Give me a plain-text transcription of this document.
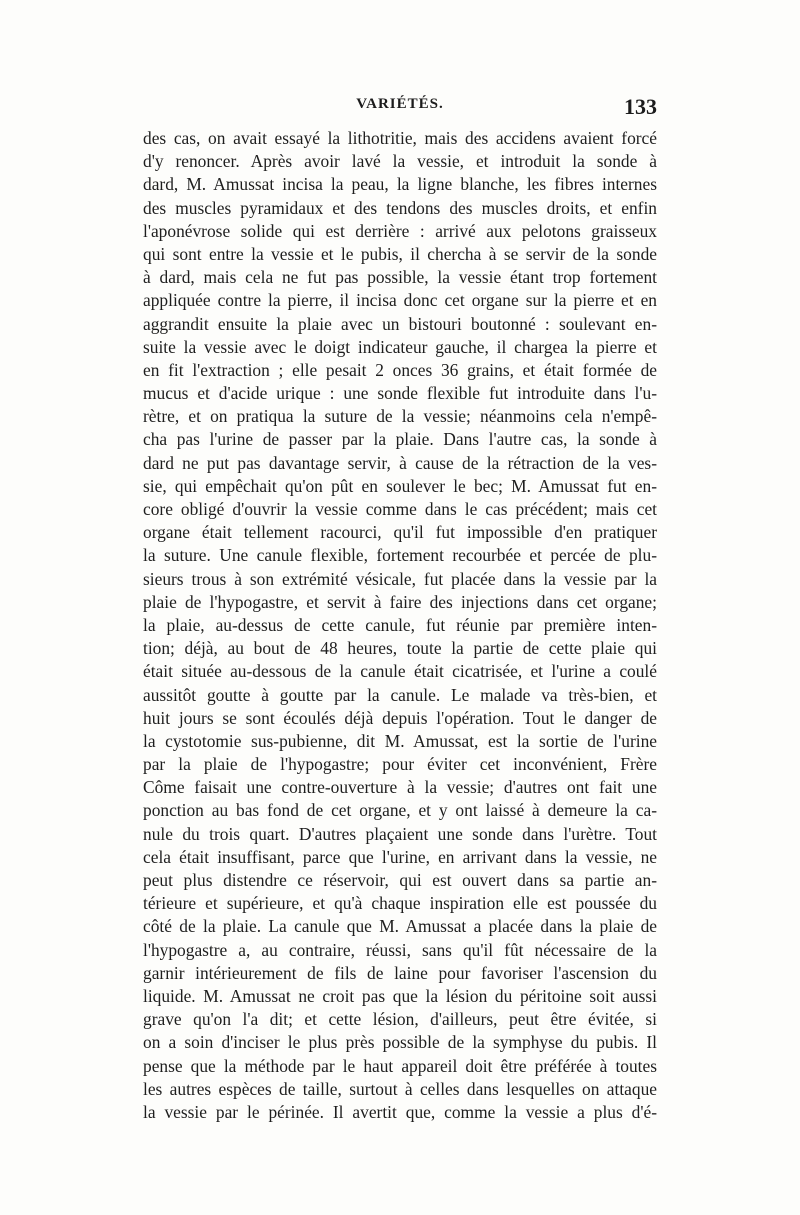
VARIÉTÉS.	133
des cas, on avait essayé la lithotritie, mais des accidens avaient forcé
d'y renoncer. Après avoir lavé la vessie, et introduit la sonde à
dard, M. Amussat incisa la peau, la ligne blanche, les fibres internes
des muscles pyramidaux et des tendons des muscles droits, et enfin
l'aponévrose solide qui est derrière : arrivé aux pelotons graisseux
qui sont entre la vessie et le pubis, il chercha à se servir de la sonde
à dard, mais cela ne fut pas possible, la vessie étant trop fortement
appliquée contre la pierre, il incisa donc cet organe sur la pierre et en
aggrandit ensuite la plaie avec un bistouri boutonné : soulevant en-
suite la vessie avec le doigt indicateur gauche, il chargea la pierre et
en fit l'extraction ; elle pesait 2 onces 36 grains, et était formée de
mucus et d'acide urique : une sonde flexible fut introduite dans l'u-
rètre, et on pratiqua la suture de la vessie; néanmoins cela n'empê-
cha pas l'urine de passer par la plaie. Dans l'autre cas, la sonde à
dard ne put pas davantage servir, à cause de la rétraction de la ves-
sie, qui empêchait qu'on pût en soulever le bec; M. Amussat fut en-
core obligé d'ouvrir la vessie comme dans le cas précédent; mais cet
organe était tellement racourci, qu'il fut impossible d'en pratiquer
la suture. Une canule flexible, fortement recourbée et percée de plu-
sieurs trous à son extrémité vésicale, fut placée dans la vessie par la
plaie de l'hypogastre, et servit à faire des injections dans cet organe;
la plaie, au-dessus de cette canule, fut réunie par première inten-
tion; déjà, au bout de 48 heures, toute la partie de cette plaie qui
était située au-dessous de la canule était cicatrisée, et l'urine a coulé
aussitôt goutte à goutte par la canule. Le malade va très-bien, et
huit jours se sont écoulés déjà depuis l'opération. Tout le danger de
la cystotomie sus-pubienne, dit M. Amussat, est la sortie de l'urine
par la plaie de l'hypogastre; pour éviter cet inconvénient, Frère
Côme faisait une contre-ouverture à la vessie; d'autres ont fait une
ponction au bas fond de cet organe, et y ont laissé à demeure la ca-
nule du trois quart. D'autres plaçaient une sonde dans l'urètre. Tout
cela était insuffisant, parce que l'urine, en arrivant dans la vessie, ne
peut plus distendre ce réservoir, qui est ouvert dans sa partie an-
térieure et supérieure, et qu'à chaque inspiration elle est poussée du
côté de la plaie. La canule que M. Amussat a placée dans la plaie de
l'hypogastre a, au contraire, réussi, sans qu'il fût nécessaire de la
garnir intérieurement de fils de laine pour favoriser l'ascension du
liquide. M. Amussat ne croit pas que la lésion du péritoine soit aussi
grave qu'on l'a dit; et cette lésion, d'ailleurs, peut être évitée, si
on a soin d'inciser le plus près possible de la symphyse du pubis. Il
pense que la méthode par le haut appareil doit être préférée à toutes
les autres espèces de taille, surtout à celles dans lesquelles on attaque
la vessie par le périnée. Il avertit que, comme la vessie a plus d'é-
